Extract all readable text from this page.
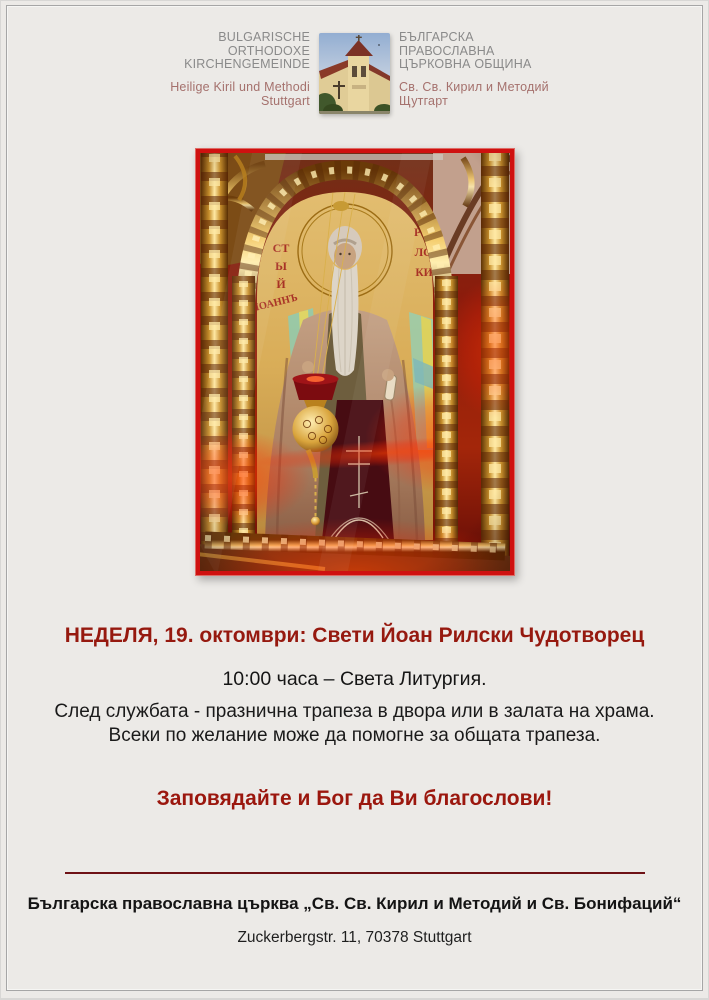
BULGARISCHE
ORTHODOXE
KIRCHENGEMEINDE
Heilige Kiril und Methodi
Stuttgart
БЪЛГАРСКА
ПРАВОСЛАВНА
ЦЪРКОВНА ОБЩИНА
Св. Св. Кирил и Методий
Щутгарт
НЕДЕЛЯ, 19. октомври: Свети Йоан Рилски Чудотворец
10:00 часа – Света Литургия.
След службата - празнична трапеза в двора или в залата на храма. Всеки по желание може да помогне за общата трапеза.
Заповядайте и Бог да Ви благослови!
Българска православна църква „Св. Св. Кирил и Методий и Св. Бонифаций“
Zuckerbergstr. 11, 70378 Stuttgart
